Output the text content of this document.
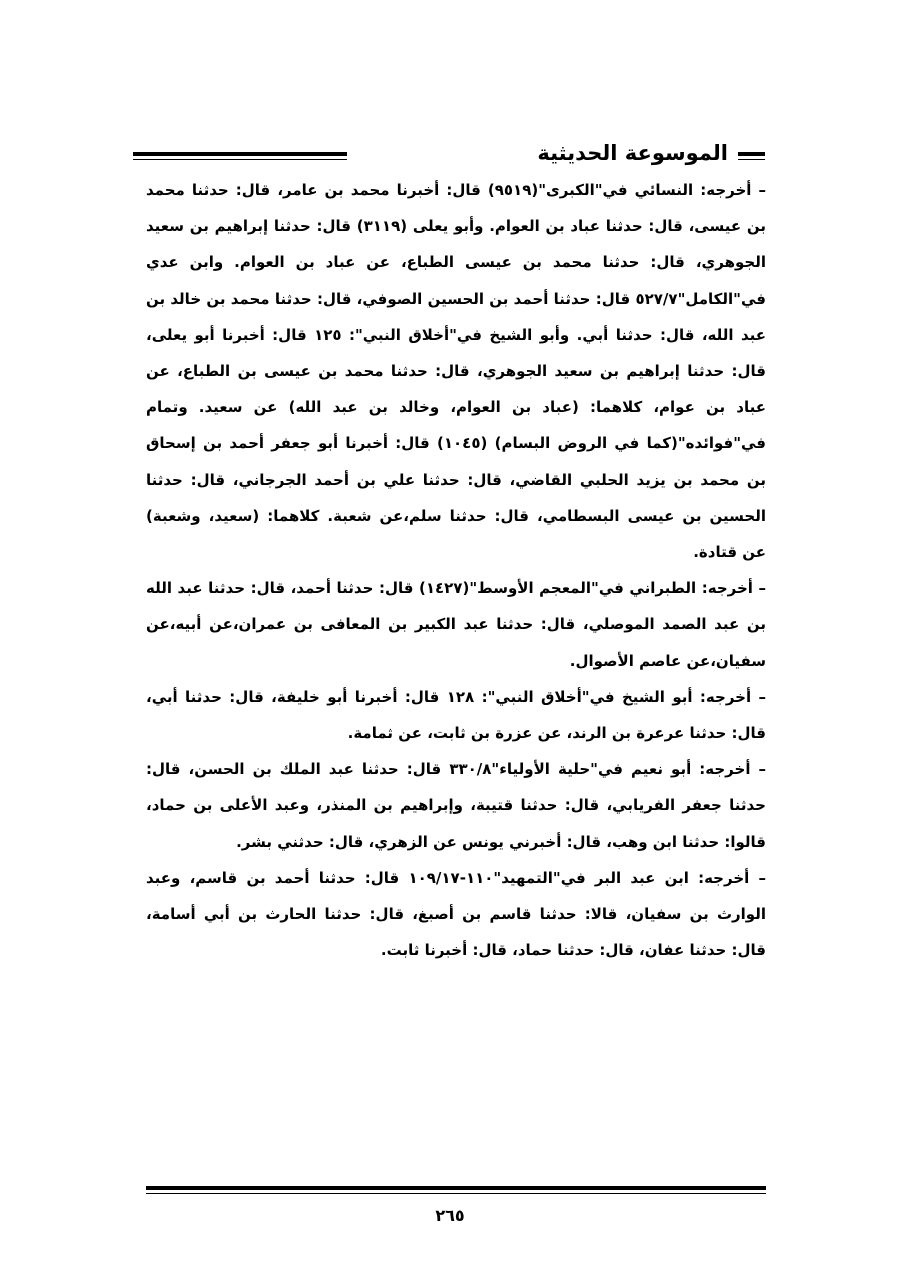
الموسوعة الحديثية

– أخرجه: النسائي في"الكبرى"(٩٥١٩) قال: أخبرنا محمد بن عامر، قال: حدثنا محمد بن عيسى، قال: حدثنا عباد بن العوام. وأبو يعلى (٣١١٩) قال: حدثنا إبراهيم بن سعيد الجوهري، قال: حدثنا محمد بن عيسى الطباع، عن عباد بن العوام. وابن عدي في"الكامل"٥٢٧/٧ قال: حدثنا أحمد بن الحسين الصوفي، قال: حدثنا محمد بن خالد بن عبد الله، قال: حدثنا أبي. وأبو الشيخ في"أخلاق النبي": ١٢٥ قال: أخبرنا أبو يعلى، قال: حدثنا إبراهيم بن سعيد الجوهري، قال: حدثنا محمد بن عيسى بن الطباع، عن عباد بن عوام، كلاهما: (عباد بن العوام، وخالد بن عبد الله) عن سعيد. وتمام في"فوائده"(كما في الروض البسام) (١٠٤٥) قال: أخبرنا أبو جعفر أحمد بن إسحاق بن محمد بن يزيد الحلبي القاضي، قال: حدثنا علي بن أحمد الجرجاني، قال: حدثنا الحسين بن عيسى البسطامي، قال: حدثنا سلم،عن شعبة. كلاهما: (سعيد، وشعبة) عن قتادة.

– أخرجه: الطبراني في"المعجم الأوسط"(١٤٢٧) قال: حدثنا أحمد، قال: حدثنا عبد الله بن عبد الصمد الموصلي، قال: حدثنا عبد الكبير بن المعافى بن عمران،عن أبيه،عن سفيان،عن عاصم الأصوال.

– أخرجه: أبو الشيخ في"أخلاق النبي": ١٢٨ قال: أخبرنا أبو خليفة، قال: حدثنا أبي، قال: حدثنا عرعرة بن الرند، عن عزرة بن ثابت، عن ثمامة.

– أخرجه: أبو نعيم في"حلية الأولياء"٣٣٠/٨ قال: حدثنا عبد الملك بن الحسن، قال: حدثنا جعفر الفريابي، قال: حدثنا قتيبة، وإبراهيم بن المنذر، وعبد الأعلى بن حماد، قالوا: حدثنا ابن وهب، قال: أخبرني يونس عن الزهري، قال: حدثني بشر.

– أخرجه: ابن عبد البر في"التمهيد"١١٠-١٠٩/١٧ قال: حدثنا أحمد بن قاسم، وعبد الوارث بن سفيان، قالا: حدثنا قاسم بن أصبغ، قال: حدثنا الحارث بن أبي أسامة، قال: حدثنا عفان، قال: حدثنا حماد، قال: أخبرنا ثابت.

٢٦٥
